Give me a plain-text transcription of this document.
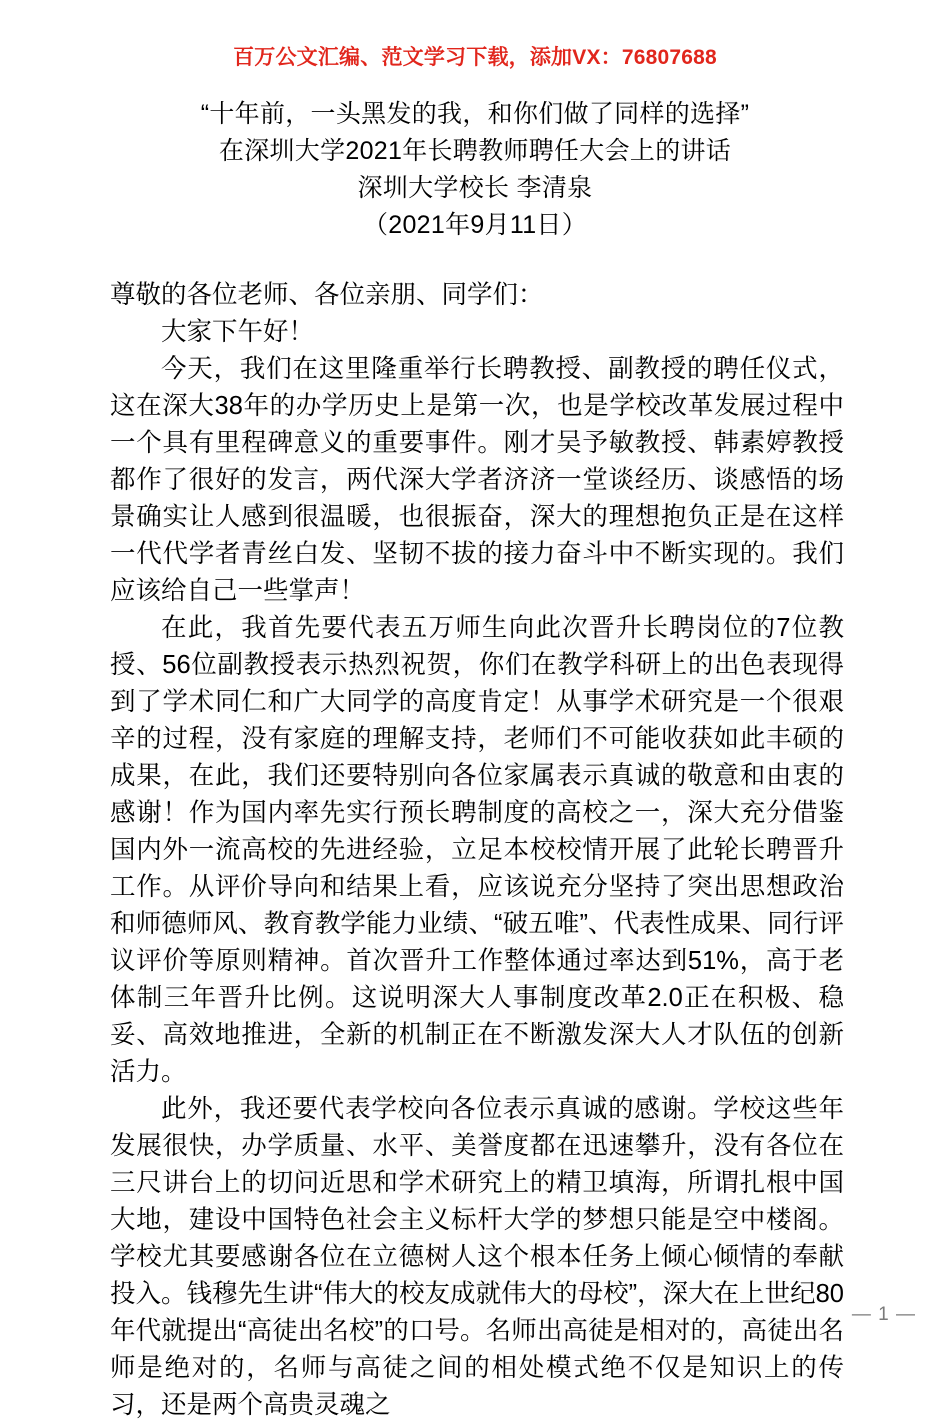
百万公文汇编、范文学习下载，添加VX：76807688
“十年前，一头黑发的我，和你们做了同样的选择”
在深圳大学2021年长聘教师聘任大会上的讲话
深圳大学校长 李清泉
（2021年9月11日）

尊敬的各位老师、各位亲朋、同学们：

大家下午好！

今天，我们在这里隆重举行长聘教授、副教授的聘任仪式，这在深大38年的办学历史上是第一次，也是学校改革发展过程中一个具有里程碑意义的重要事件。刚才吴予敏教授、韩素婷教授都作了很好的发言，两代深大学者济济一堂谈经历、谈感悟的场景确实让人感到很温暖，也很振奋，深大的理想抱负正是在这样一代代学者青丝白发、坚韧不拔的接力奋斗中不断实现的。我们应该给自己一些掌声！

在此，我首先要代表五万师生向此次晋升长聘岗位的7位教授、56位副教授表示热烈祝贺，你们在教学科研上的出色表现得到了学术同仁和广大同学的高度肯定！从事学术研究是一个很艰辛的过程，没有家庭的理解支持，老师们不可能收获如此丰硕的成果，在此，我们还要特别向各位家属表示真诚的敬意和由衷的感谢！作为国内率先实行预长聘制度的高校之一，深大充分借鉴国内外一流高校的先进经验，立足本校校情开展了此轮长聘晋升工作。从评价导向和结果上看，应该说充分坚持了突出思想政治和师德师风、教育教学能力业绩、“破五唯”、代表性成果、同行评议评价等原则精神。首次晋升工作整体通过率达到51%，高于老体制三年晋升比例。这说明深大人事制度改革2.0正在积极、稳妥、高效地推进，全新的机制正在不断激发深大人才队伍的创新活力。

此外，我还要代表学校向各位表示真诚的感谢。学校这些年发展很快，办学质量、水平、美誉度都在迅速攀升，没有各位在三尺讲台上的切问近思和学术研究上的精卫填海，所谓扎根中国大地，建设中国特色社会主义标杆大学的梦想只能是空中楼阁。学校尤其要感谢各位在立德树人这个根本任务上倾心倾情的奉献投入。钱穆先生讲“伟大的校友成就伟大的母校”，深大在上世纪80年代就提出“高徒出名校”的口号。名师出高徒是相对的，高徒出名师是绝对的，名师与高徒之间的相处模式绝不仅是知识上的传习，还是两个高贵灵魂之

— 1 —
